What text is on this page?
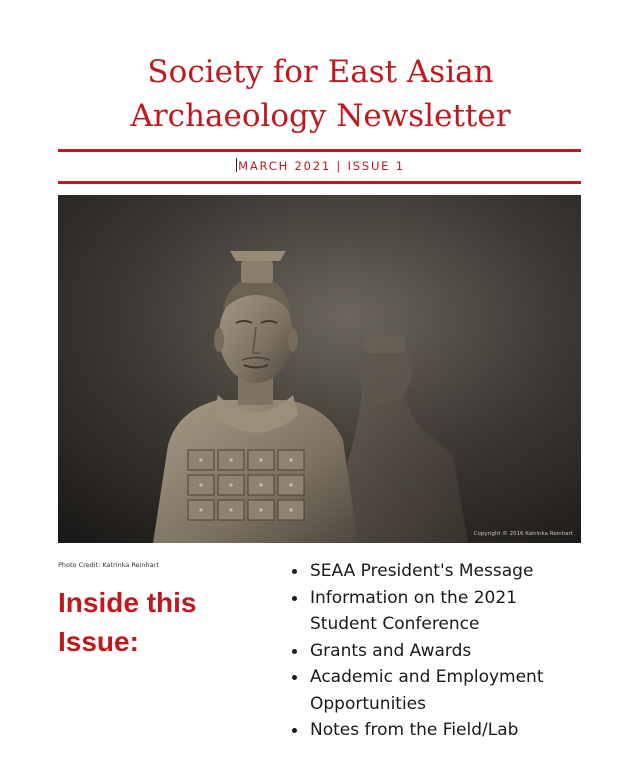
Society for East Asian
Archaeology Newsletter
MARCH 2021 | ISSUE 1
Copyright © 2016 Katrinka Reinhart
Photo Credit: Katrinka Reinhart
Inside this
Issue:
SEAA President's Message
Information on the 2021
Student Conference
Grants and Awards
Academic and Employment
Opportunities
Notes from the Field/Lab
